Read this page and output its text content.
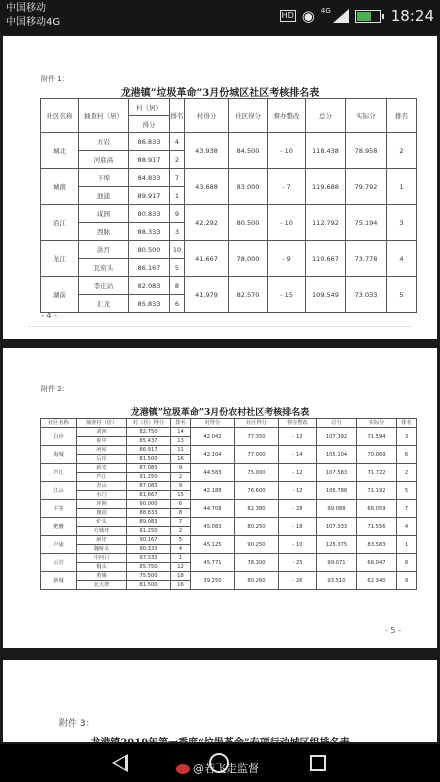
中国移动
中国移动4G
HD ◉ 4G	18:24
附件 1：
龙港镇”垃圾革命”3月份城区社区考核排名表
社区名称	抽查村（居）	村（居）	排名	村得分	社区得分	督办整改	总分	实际分	排名
		得分							
城北	方岩	86.833	4	43.938	84.500	- 10	118.438	78.958	2
	河底高	88.917	2						
城南	下埠	84.833	7	43.688	83.000	- 7	119.688	79.792	1
	池浦	89.917	1						
沿江	咸园	80.833	9	42.292	80.500	- 10	112.792	75.194	3
	西脉	88.333	3						
龙江	洪宫	80.500	10	41.667	78.000	- 9	110.667	73.778	4
	瓦窑头	86.167	5						
湖前	李庄站	82.083	8	41.979	82.570	- 15	109.549	73.033	5
	汇龙	85.833	6						
- 4 -
附件 2：
龙港镇”垃圾革命”3月份农村社区考核排名表
社区名称	抽查村（居）	村（居）得分	排名	村得分	社区得分	督办整改	总分	实际分	排名
白沙	刘西	82.750	14	42.042	77.350	- 12	107.392	71.594	3
	象中	85.437	13						
海城	河屋	86.917	11	42.104	77.000	- 14	105.104	70.069	6
	后岸	81.500	16						
芦江	新光	87.083	9	44.583	75.000	- 12	107.583	71.722	2
	芦江	91.250	2						
江山	青山	87.083	9	42.188	76.600	- 12	106.788	71.192	5
	水门	81.667	15						
平等	坪洲	90.000	6	44.708	82.380	- 28	99.088	66.059	7
	旗园	88.833	8						
舥艚	炉头	89.083	7	45.083	80.250	- 18	107.333	71.556	4
	方城垟	91.250	2						
卢浦	新垟	90.167	5	45.125	90.250	- 10	125.375	83.583	1
	魏桥头	90.333	4						
云岩	中河口	97.333	1	45.771	78.300	- 25	99.071	66.047	8
	铜头	85.750	12						
新城	黄墙	75.500	18	39.250	80.260	- 26	93.510	62.340	9
	北大塔	81.500	16						
- 5 -
附件 3：
@若飞走监督
